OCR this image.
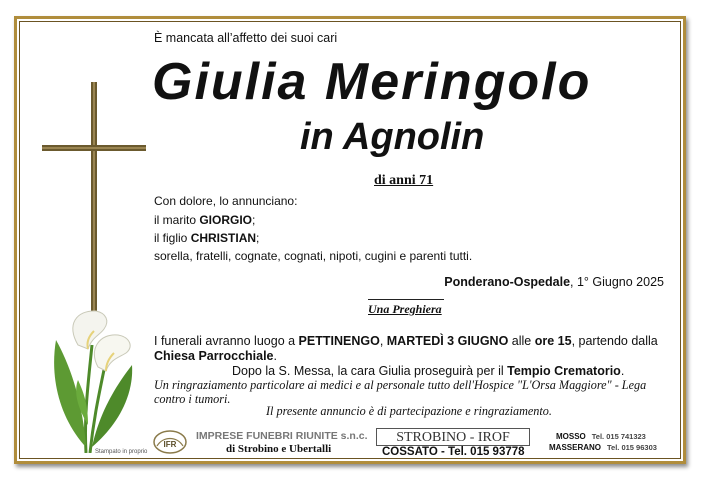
Stampato in proprio
È mancata all’affetto dei suoi cari
Giulia Meringolo
in Agnolin
di anni 71
Con dolore, lo annunciano:
il marito GIORGIO;
il figlio CHRISTIAN;
sorella, fratelli, cognate, cognati, nipoti, cugini e parenti tutti.
Ponderano-Ospedale, 1° Giugno 2025
Una Preghiera
I funerali avranno luogo a PETTINENGO, MARTEDÌ 3 GIUGNO alle ore 15, partendo dalla
Chiesa Parrocchiale.
Dopo la S. Messa, la cara Giulia proseguirà per il Tempio Crematorio.
Un ringraziamento particolare ai medici e al personale tutto dell'Hospice "L'Orsa Maggiore" - Lega
contro i tumori.
Il presente annuncio è di partecipazione e ringraziamento.
IFR
IMPRESE FUNEBRI RIUNITE s.n.c.
di Strobino e Ubertalli
STROBINO - IROF
COSSATO - Tel. 015 93778
MOSSO Tel. 015 741323
MASSERANO Tel. 015 96303
